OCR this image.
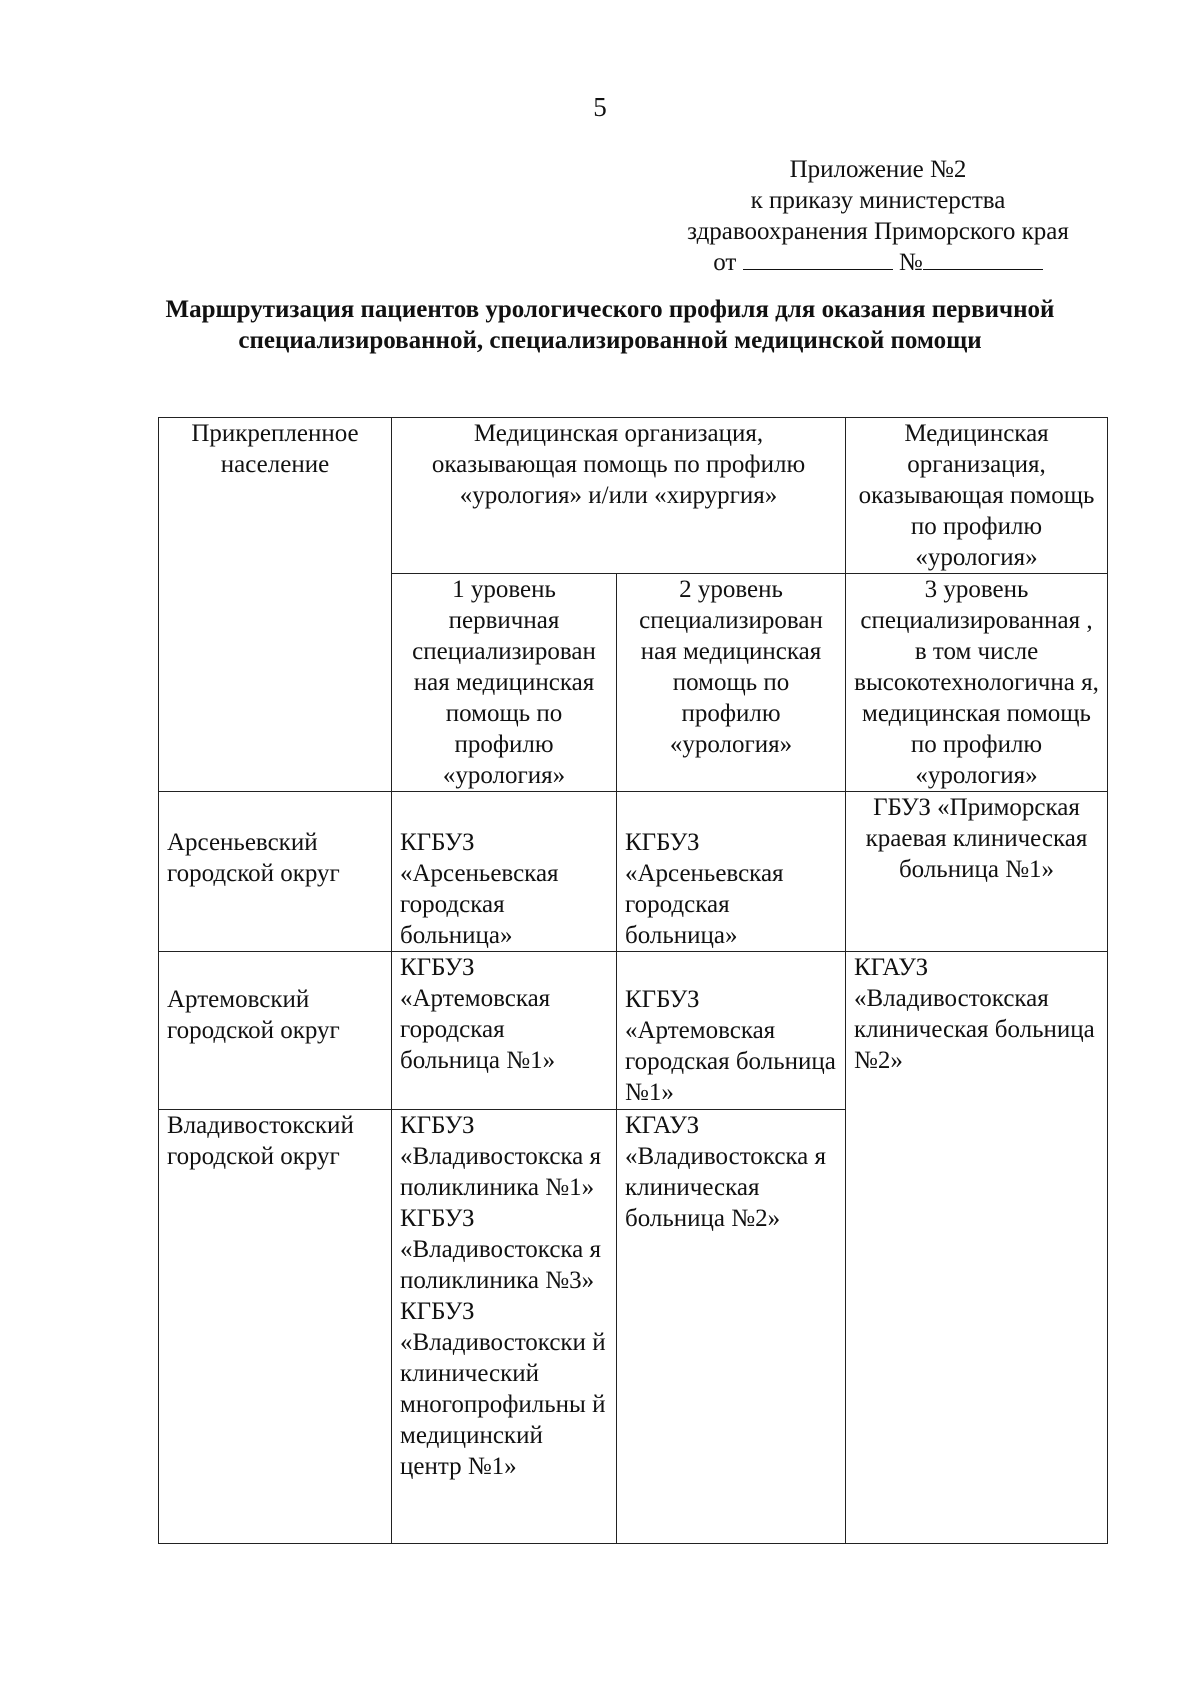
5
Приложение №2
к приказу министерства
здравоохранения Приморского края
от	№
Маршрутизация пациентов урологического профиля для оказания первичной специализированной, специализированной медицинской помощи
Прикрепленное население	Медицинская организация, оказывающая помощь по профилю «урология» и/или «хирургия»		Медицинская организация, оказывающая помощь по профилю «урология»
	1 уровень первичная специализирован ная медицинская помощь по профилю «урология»	2 уровень специализирован ная медицинская помощь по профилю «урология»	3 уровень специализированная , в том числе высокотехнологична я, медицинская помощь по профилю «урология»
Арсеньевский городской округ	КГБУЗ «Арсеньевская городская больница»	КГБУЗ «Арсеньевская городская больница»	ГБУЗ «Приморская краевая клиническая больница №1»
Артемовский городской округ	КГБУЗ «Артемовская городская больница №1»	КГБУЗ «Артемовская городская больница №1»	КГАУЗ «Владивостокская клиническая больница №2»
Владивостокский городской округ	КГБУЗ «Владивостокска я поликлиника №1» КГБУЗ «Владивостокска я поликлиника №3» КГБУЗ «Владивостокски й клинический многопрофильны й медицинский центр №1»	КГАУЗ «Владивостокска я клиническая больница №2»	
